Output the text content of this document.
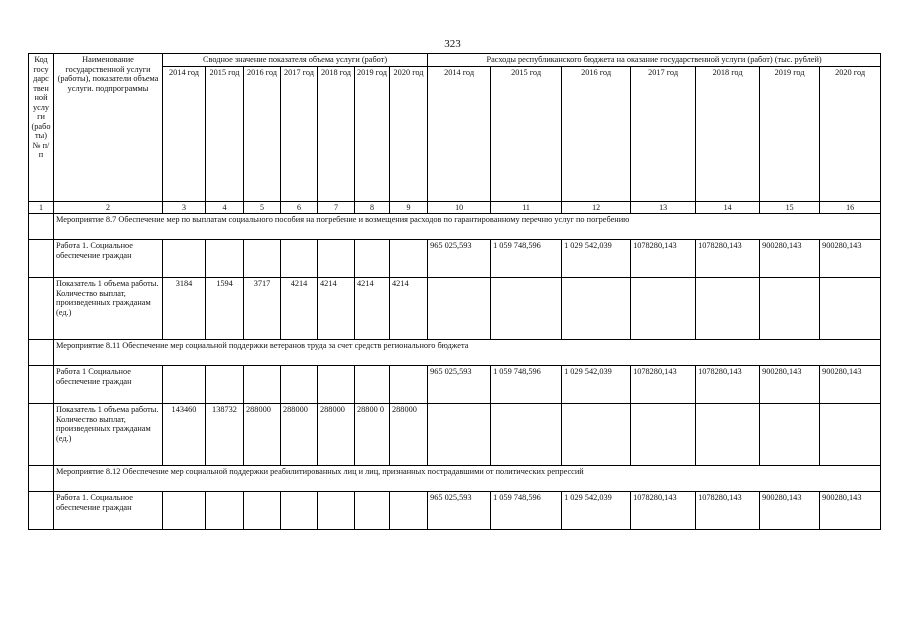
323
Код госу дарс твен ной услу ги (рабо ты) № п/п	Наименование государственной услуги (работы), показатели объема услуги. подпрограммы	Сводное значение показателя объема услуги (работ)							Расходы республиканского бюджета на оказание государственной услуги (работ) (тыс. рублей)						
		2014 год	2015 год	2016 год	2017 год	2018 год	2019 год	2020 год	2014 год	2015 год	2016 год	2017 год	2018 год	2019 год	2020 год
1	2	3	4	5	6	7	8	9	10	11	12	13	14	15	16
	Мероприятие 8.7 Обеспечение мер по выплатам социального пособия на погребение и возмещения расходов по гарантированному перечню услуг по погребению														
	Работа 1. Социальное обеспечение граждан								965 025,593	1 059 748,596	1 029 542,039	1078280,143	1078280,143	900280,143	900280,143
	Показатель 1 объема работы. Количество выплат, произведенных гражданам (ед.)	3184	1594	3717	4214	4214	4214	4214							
	Мероприятие 8.11 Обеспечение мер социальной поддержки ветеранов труда за счет средств регионального бюджета														
	Работа 1 Социальное обеспечение граждан								965 025,593	1 059 748,596	1 029 542,039	1078280,143	1078280,143	900280,143	900280,143
	Показатель 1 объема работы. Количество выплат, произведенных гражданам (ед.)	143460	138732	288000	288000	288000	28800 0	288000							
	Мероприятие 8.12 Обеспечение мер социальной поддержки реабилитированных лиц и лиц, признанных пострадавшими от политических репрессий														
	Работа 1. Социальное обеспечение граждан								965 025,593	1 059 748,596	1 029 542,039	1078280,143	1078280,143	900280,143	900280,143
